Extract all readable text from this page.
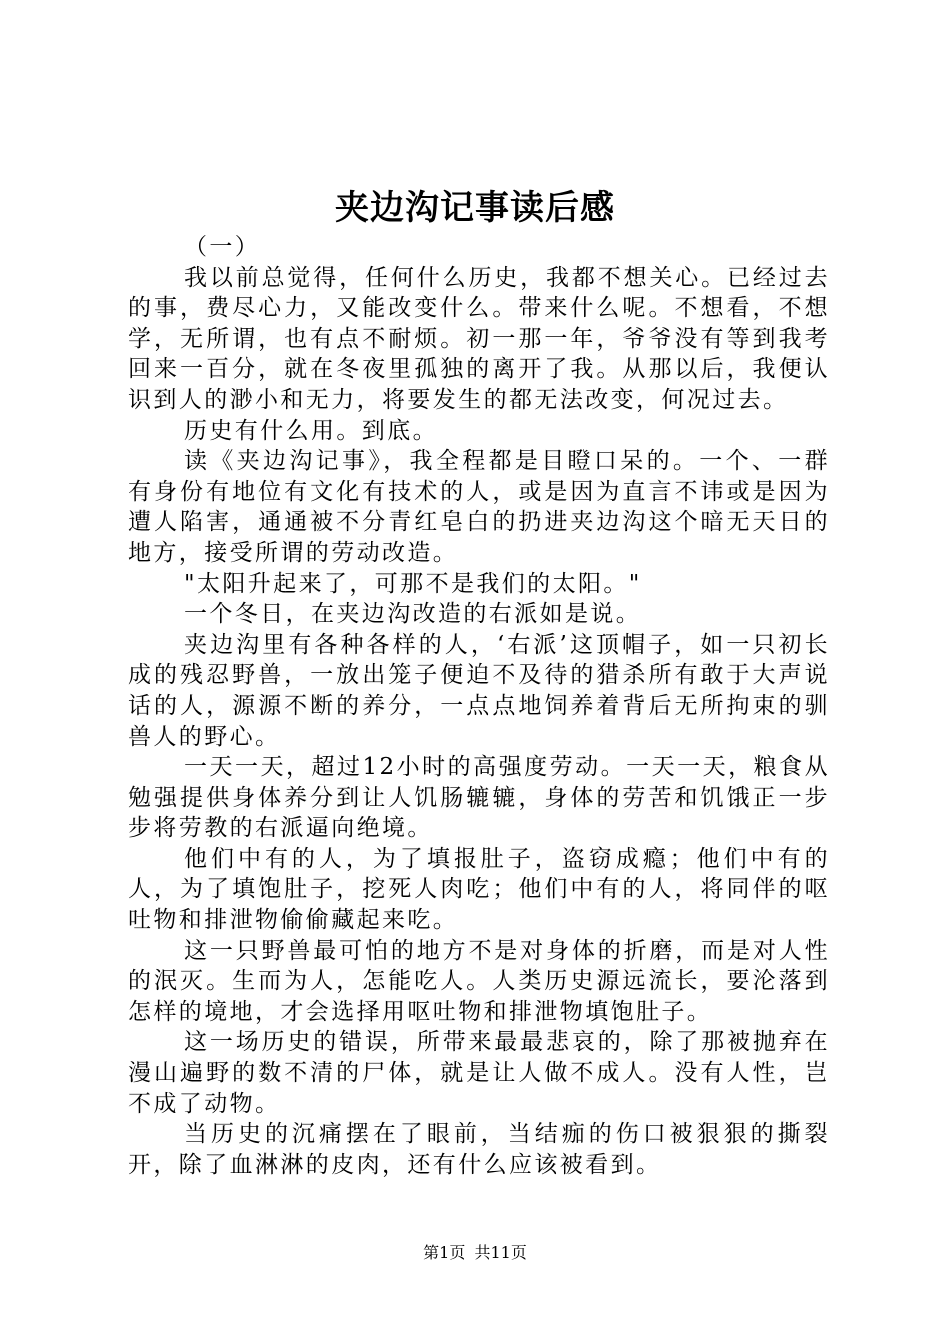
夹边沟记事读后感

（一）

我以前总觉得，任何什么历史，我都不想关心。已经过去的事，费尽心力，又能改变什么。带来什么呢。不想看，不想学，无所谓，也有点不耐烦。初一那一年，爷爷没有等到我考回来一百分，就在冬夜里孤独的离开了我。从那以后，我便认识到人的渺小和无力，将要发生的都无法改变，何况过去。

历史有什么用。到底。

读《夹边沟记事》，我全程都是目瞪口呆的。一个、一群有身份有地位有文化有技术的人，或是因为直言不讳或是因为遭人陷害，通通被不分青红皂白的扔进夹边沟这个暗无天日的地方，接受所谓的劳动改造。

"太阳升起来了，可那不是我们的太阳。"

一个冬日，在夹边沟改造的右派如是说。

夹边沟里有各种各样的人，‘右派’这顶帽子，如一只初长成的残忍野兽，一放出笼子便迫不及待的猎杀所有敢于大声说话的人，源源不断的养分，一点点地饲养着背后无所拘束的驯兽人的野心。

一天一天，超过12小时的高强度劳动。一天一天，粮食从勉强提供身体养分到让人饥肠辘辘，身体的劳苦和饥饿正一步步将劳教的右派逼向绝境。

他们中有的人，为了填报肚子，盗窃成瘾；他们中有的人，为了填饱肚子，挖死人肉吃；他们中有的人，将同伴的呕吐物和排泄物偷偷藏起来吃。

这一只野兽最可怕的地方不是对身体的折磨，而是对人性的泯灭。生而为人，怎能吃人。人类历史源远流长，要沦落到怎样的境地，才会选择用呕吐物和排泄物填饱肚子。

这一场历史的错误，所带来最最悲哀的，除了那被抛弃在漫山遍野的数不清的尸体，就是让人做不成人。没有人性，岂不成了动物。

当历史的沉痛摆在了眼前，当结痂的伤口被狠狠的撕裂开，除了血淋淋的皮肉，还有什么应该被看到。

第1页 共11页
